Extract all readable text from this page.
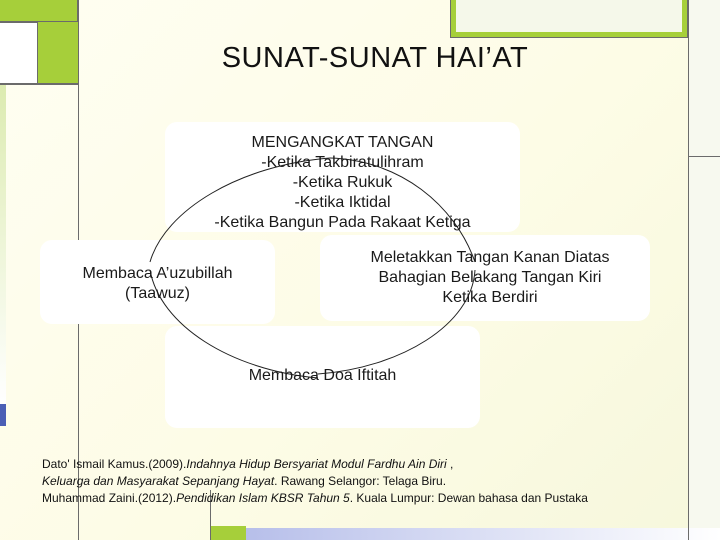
SUNAT-SUNAT HAI’AT
MENGANGKAT TANGAN
-Ketika Takbiratulihram
-Ketika Rukuk
-Ketika Iktidal
-Ketika Bangun Pada Rakaat Ketiga
Membaca A’uzubillah
(Taawuz)
Meletakkan Tangan Kanan Diatas
Bahagian Belakang Tangan Kiri
Ketika Berdiri
Membaca Doa Iftitah
Dato' Ismail Kamus.(2009).Indahnya Hidup Bersyariat Modul Fardhu Ain Diri ,
Keluarga dan Masyarakat Sepanjang Hayat. Rawang Selangor: Telaga Biru.
Muhammad Zaini.(2012).Pendidikan Islam KBSR Tahun 5. Kuala Lumpur: Dewan bahasa dan Pustaka
